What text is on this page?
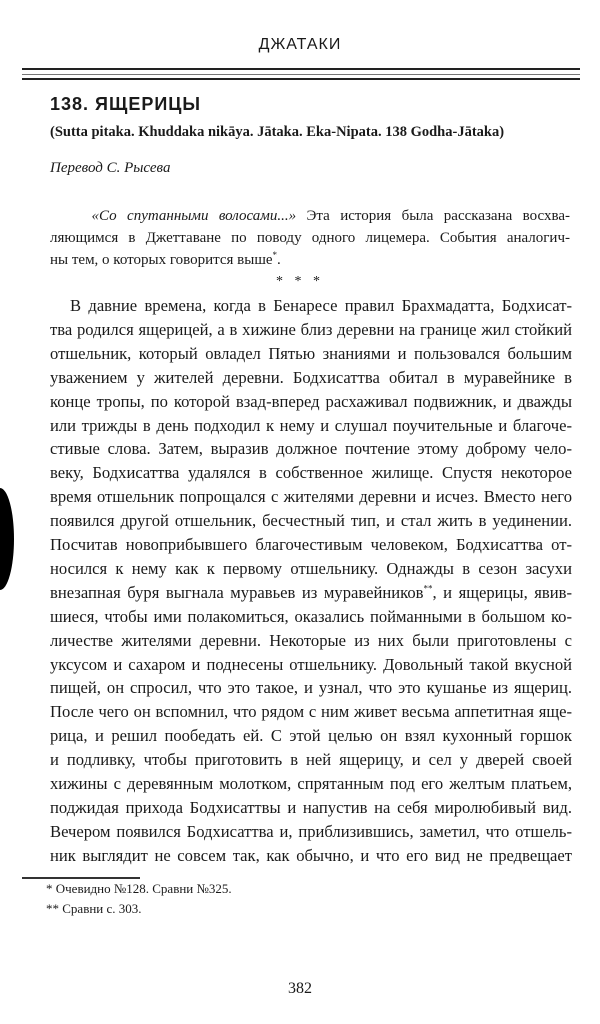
ДЖАТАКИ
138. ЯЩЕРИЦЫ
(Sutta pitaka. Khuddaka nikāya. Jātaka. Eka-Nipata. 138 Godha-Jātaka)
Перевод С. Рысева
«Со спутанными волосами...» Эта история была рассказана восхва-
ляющимся в Джеттаване по поводу одного лицемера. События аналогич-
ны тем, о которых говорится выше*.
* * *
В давние времена, когда в Бенаресе правил Брахмадатта, Бодхисат-
тва родился ящерицей, а в хижине близ деревни на границе жил стойкий
отшельник, который овладел Пятью знаниями и пользовался большим
уважением у жителей деревни. Бодхисаттва обитал в муравейнике в
конце тропы, по которой взад-вперед расхаживал подвижник, и дважды
или трижды в день подходил к нему и слушал поучительные и благоче-
стивые слова. Затем, выразив должное почтение этому доброму чело-
веку, Бодхисаттва удалялся в собственное жилище. Спустя некоторое
время отшельник попрощался с жителями деревни и исчез. Вместо него
появился другой отшельник, бесчестный тип, и стал жить в уединении.
Посчитав новоприбывшего благочестивым человеком, Бодхисаттва от-
носился к нему как к первому отшельнику. Однажды в сезон засухи
внезапная буря выгнала муравьев из муравейников**, и ящерицы, явив-
шиеся, чтобы ими полакомиться, оказались пойманными в большом ко-
личестве жителями деревни. Некоторые из них были приготовлены с
уксусом и сахаром и поднесены отшельнику. Довольный такой вкусной
пищей, он спросил, что это такое, и узнал, что это кушанье из ящериц.
После чего он вспомнил, что рядом с ним живет весьма аппетитная яще-
рица, и решил пообедать ей. С этой целью он взял кухонный горшок
и подливку, чтобы приготовить в ней ящерицу, и сел у дверей своей
хижины с деревянным молотком, спрятанным под его желтым платьем,
поджидая прихода Бодхисаттвы и напустив на себя миролюбивый вид.
Вечером появился Бодхисаттва и, приблизившись, заметил, что отшель-
ник выглядит не совсем так, как обычно, и что его вид не предвещает
* Очевидно №128. Сравни №325.
** Сравни с. 303.
382
